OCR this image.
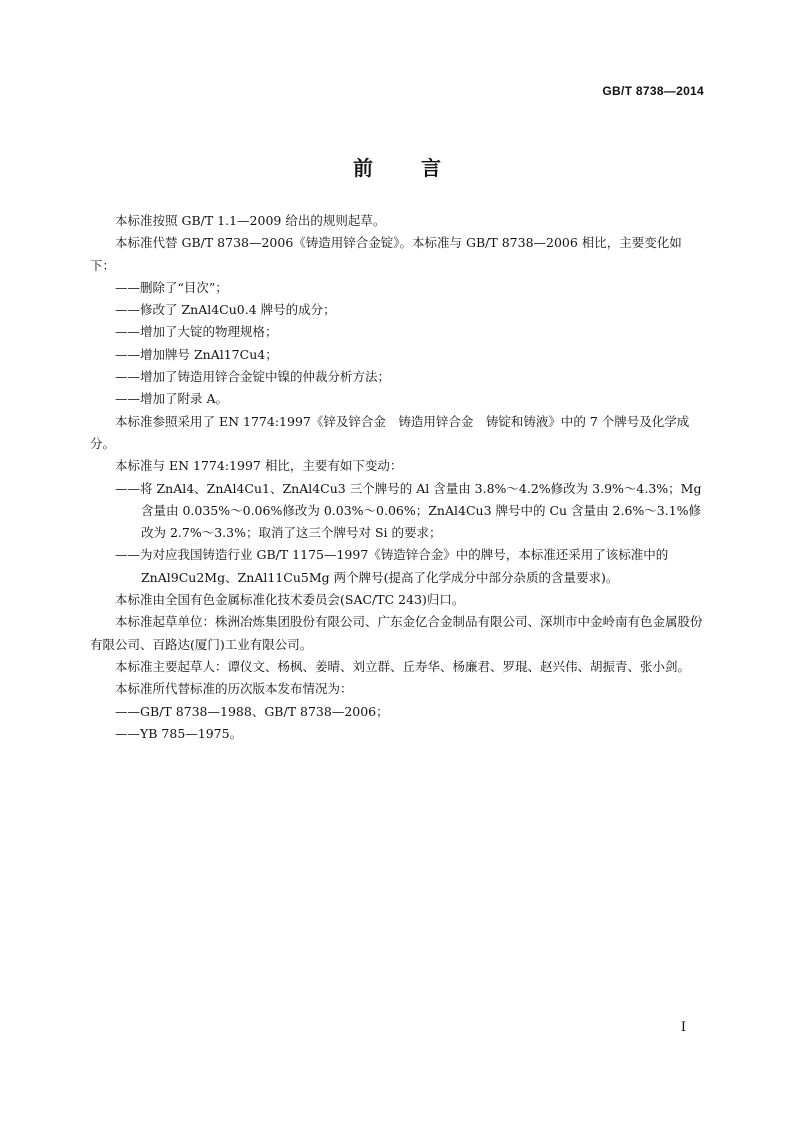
GB/T 8738—2014
前言

本标准按照 GB/T 1.1—2009 给出的规则起草。

本标准代替 GB/T 8738—2006《铸造用锌合金锭》。本标准与 GB/T 8738—2006 相比，主要变化如下：

——删除了“目次”；

——修改了 ZnAl4Cu0.4 牌号的成分；

——增加了大锭的物理规格；

——增加牌号 ZnAl17Cu4；

——增加了铸造用锌合金锭中镍的仲裁分析方法；

——增加了附录 A。

本标准参照采用了 EN 1774:1997《锌及锌合金　铸造用锌合金　铸锭和铸液》中的 7 个牌号及化学成分。

本标准与 EN 1774:1997 相比，主要有如下变动：

——将 ZnAl4、ZnAl4Cu1、ZnAl4Cu3 三个牌号的 Al 含量由 3.8%～4.2%修改为 3.9%～4.3%；Mg 含量由 0.035%～0.06%修改为 0.03%～0.06%；ZnAl4Cu3 牌号中的 Cu 含量由 2.6%～3.1%修改为 2.7%～3.3%；取消了这三个牌号对 Si 的要求；

——为对应我国铸造行业 GB/T 1175—1997《铸造锌合金》中的牌号，本标准还采用了该标准中的 ZnAl9Cu2Mg、ZnAl11Cu5Mg 两个牌号(提高了化学成分中部分杂质的含量要求)。

本标准由全国有色金属标准化技术委员会(SAC/TC 243)归口。

本标准起草单位：株洲冶炼集团股份有限公司、广东金亿合金制品有限公司、深圳市中金岭南有色金属股份有限公司、百路达(厦门)工业有限公司。

本标准主要起草人：谭仪文、杨枫、姜晴、刘立群、丘寿华、杨廉君、罗琨、赵兴伟、胡振青、张小剑。

本标准所代替标准的历次版本发布情况为：

——GB/T 8738—1988、GB/T 8738—2006；

——YB 785—1975。

I
